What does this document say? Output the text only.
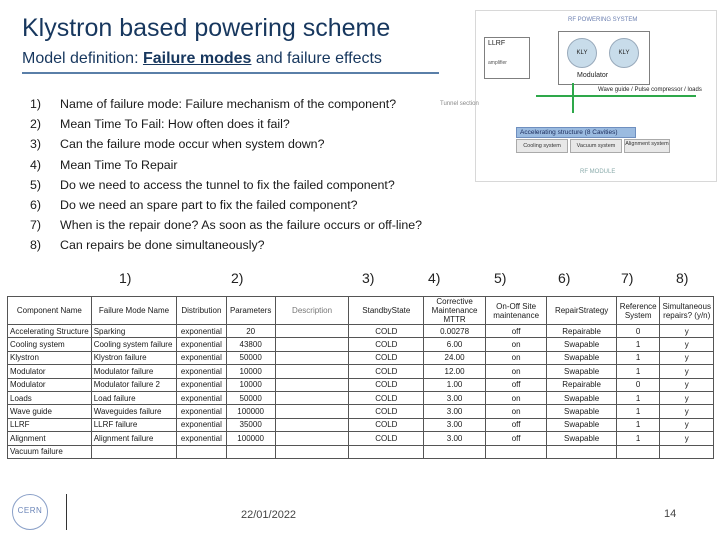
Klystron based powering scheme
Model definition: Failure modes and failure effects
1) Name of failure mode: Failure mechanism of the component?
2) Mean Time To Fail: How often does it fail?
3) Can the failure mode occur when system down?
4) Mean Time To Repair
5) Do we need to access the tunnel to fix the failed component?
6) Do we need an spare part to fix the failed component?
7) When is the repair done? As soon as the failure occurs or off-line?
8) Can repairs be done simultaneously?
RF POWERING SYSTEM
LLRF
amplifier
KLY	KLY
Modulator
Wave guide / Pulse compressor / loads
Tunnel section
Accelerating structure (8 Cavities)
Cooling system	Vacuum system	Alignment system
RF MODULE
1)	2)	3)	4)	5)	6)	7)	8)
Component Name	Failure Mode Name	Distribution	Parameters	Description	StandbyState	Corrective Maintenance MTTR	On-Off Site maintenance	RepairStrategy	Reference System	Simultaneous repairs? (y/n)
Accelerating Structure	Sparking	exponential	20		COLD	0.00278	off	Repairable	0	y
Cooling system	Cooling system failure	exponential	43800		COLD	6.00	on	Swapable	1	y
Klystron	Klystron failure	exponential	50000		COLD	24.00	on	Swapable	1	y
Modulator	Modulator failure	exponential	10000		COLD	12.00	on	Swapable	1	y
Modulator	Modulator failure 2	exponential	10000		COLD	1.00	off	Repairable	0	y
Loads	Load failure	exponential	50000		COLD	3.00	on	Swapable	1	y
Wave guide	Waveguides failure	exponential	100000		COLD	3.00	on	Swapable	1	y
LLRF	LLRF failure	exponential	35000		COLD	3.00	off	Swapable	1	y
Alignment	Alignment failure	exponential	100000		COLD	3.00	off	Swapable	1	y
Vacuum failure										
CERN	22/01/2022	14
